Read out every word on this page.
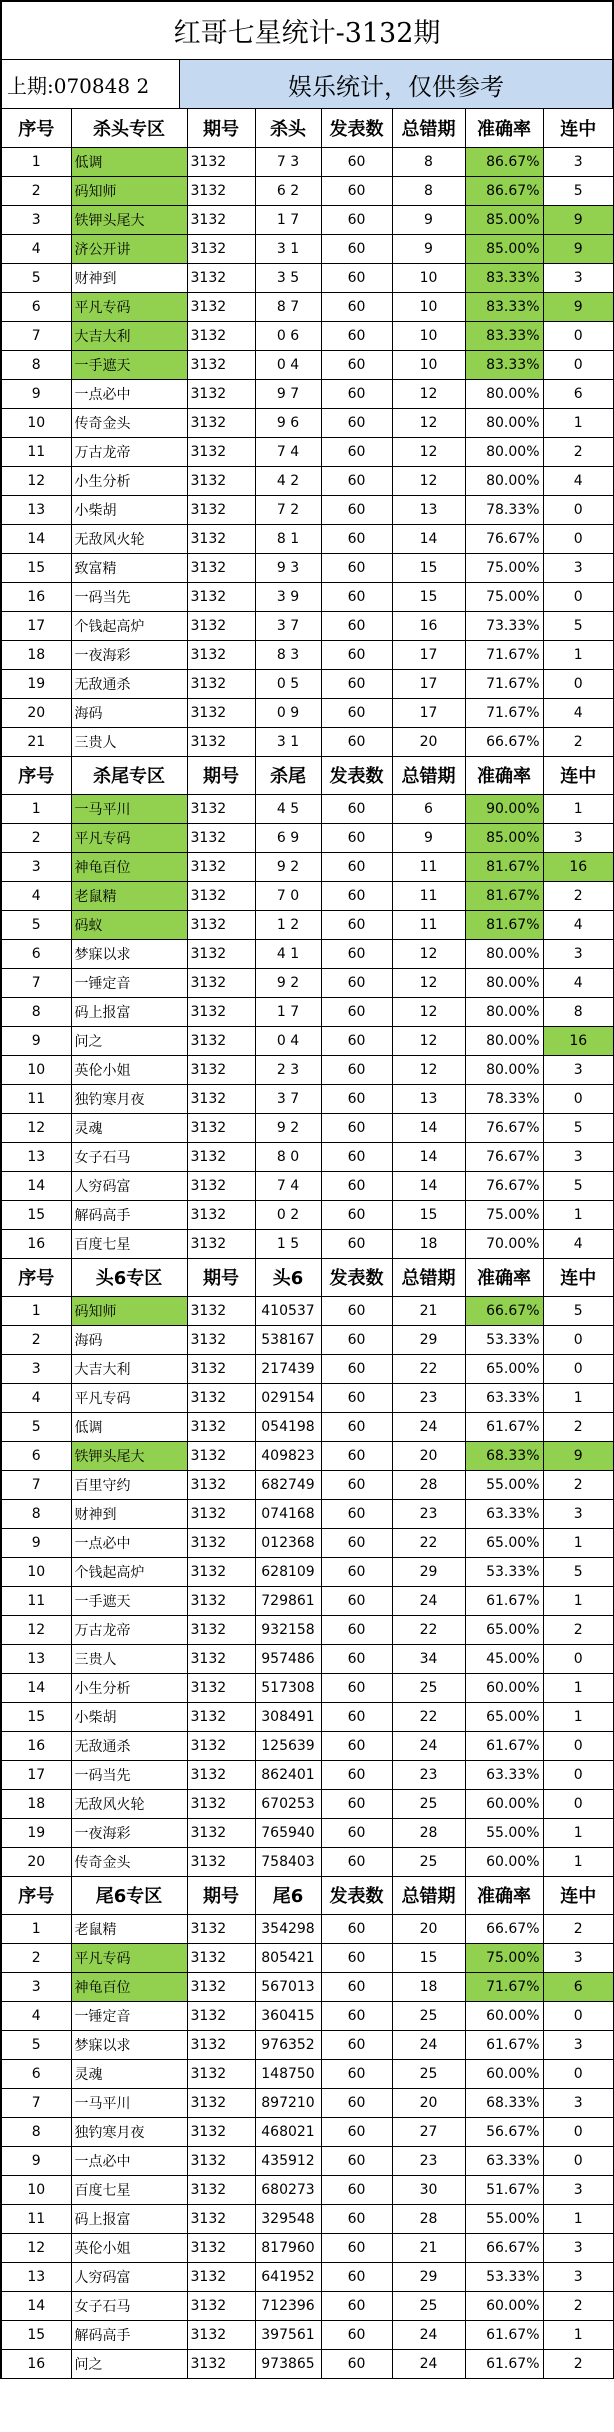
红哥七星统计-3132期
上期:070848 2	娱乐统计，仅供参考
序号	杀头专区	期号	杀头	发表数	总错期	准确率	连中
1	低调	3132	7 3	60	8	86.67%	3
2	码知师	3132	6 2	60	8	86.67%	5
3	铁钾头尾大	3132	1 7	60	9	85.00%	9
4	济公开讲	3132	3 1	60	9	85.00%	9
5	财神到	3132	3 5	60	10	83.33%	3
6	平凡专码	3132	8 7	60	10	83.33%	9
7	大吉大利	3132	0 6	60	10	83.33%	0
8	一手遮天	3132	0 4	60	10	83.33%	0
9	一点必中	3132	9 7	60	12	80.00%	6
10	传奇金头	3132	9 6	60	12	80.00%	1
11	万古龙帝	3132	7 4	60	12	80.00%	2
12	小生分析	3132	4 2	60	12	80.00%	4
13	小柴胡	3132	7 2	60	13	78.33%	0
14	无敌风火轮	3132	8 1	60	14	76.67%	0
15	致富精	3132	9 3	60	15	75.00%	3
16	一码当先	3132	3 9	60	15	75.00%	0
17	个钱起高炉	3132	3 7	60	16	73.33%	5
18	一夜海彩	3132	8 3	60	17	71.67%	1
19	无敌通杀	3132	0 5	60	17	71.67%	0
20	海码	3132	0 9	60	17	71.67%	4
21	三贵人	3132	3 1	60	20	66.67%	2
序号	杀尾专区	期号	杀尾	发表数	总错期	准确率	连中
1	一马平川	3132	4 5	60	6	90.00%	1
2	平凡专码	3132	6 9	60	9	85.00%	3
3	神龟百位	3132	9 2	60	11	81.67%	16
4	老鼠精	3132	7 0	60	11	81.67%	2
5	码蚁	3132	1 2	60	11	81.67%	4
6	梦寐以求	3132	4 1	60	12	80.00%	3
7	一锤定音	3132	9 2	60	12	80.00%	4
8	码上报富	3132	1 7	60	12	80.00%	8
9	问之	3132	0 4	60	12	80.00%	16
10	英伦小姐	3132	2 3	60	12	80.00%	3
11	独钓寒月夜	3132	3 7	60	13	78.33%	0
12	灵魂	3132	9 2	60	14	76.67%	5
13	女子石马	3132	8 0	60	14	76.67%	3
14	人穷码富	3132	7 4	60	14	76.67%	5
15	解码高手	3132	0 2	60	15	75.00%	1
16	百度七星	3132	1 5	60	18	70.00%	4
序号	头6专区	期号	头6	发表数	总错期	准确率	连中
1	码知师	3132	410537	60	21	66.67%	5
2	海码	3132	538167	60	29	53.33%	0
3	大吉大利	3132	217439	60	22	65.00%	0
4	平凡专码	3132	029154	60	23	63.33%	1
5	低调	3132	054198	60	24	61.67%	2
6	铁钾头尾大	3132	409823	60	20	68.33%	9
7	百里守约	3132	682749	60	28	55.00%	2
8	财神到	3132	074168	60	23	63.33%	3
9	一点必中	3132	012368	60	22	65.00%	1
10	个钱起高炉	3132	628109	60	29	53.33%	5
11	一手遮天	3132	729861	60	24	61.67%	1
12	万古龙帝	3132	932158	60	22	65.00%	2
13	三贵人	3132	957486	60	34	45.00%	0
14	小生分析	3132	517308	60	25	60.00%	1
15	小柴胡	3132	308491	60	22	65.00%	1
16	无敌通杀	3132	125639	60	24	61.67%	0
17	一码当先	3132	862401	60	23	63.33%	0
18	无敌风火轮	3132	670253	60	25	60.00%	0
19	一夜海彩	3132	765940	60	28	55.00%	1
20	传奇金头	3132	758403	60	25	60.00%	1
序号	尾6专区	期号	尾6	发表数	总错期	准确率	连中
1	老鼠精	3132	354298	60	20	66.67%	2
2	平凡专码	3132	805421	60	15	75.00%	3
3	神龟百位	3132	567013	60	18	71.67%	6
4	一锤定音	3132	360415	60	25	60.00%	0
5	梦寐以求	3132	976352	60	24	61.67%	3
6	灵魂	3132	148750	60	25	60.00%	0
7	一马平川	3132	897210	60	20	68.33%	3
8	独钓寒月夜	3132	468021	60	27	56.67%	0
9	一点必中	3132	435912	60	23	63.33%	0
10	百度七星	3132	680273	60	30	51.67%	3
11	码上报富	3132	329548	60	28	55.00%	1
12	英伦小姐	3132	817960	60	21	66.67%	3
13	人穷码富	3132	641952	60	29	53.33%	3
14	女子石马	3132	712396	60	25	60.00%	2
15	解码高手	3132	397561	60	24	61.67%	1
16	问之	3132	973865	60	24	61.67%	2
